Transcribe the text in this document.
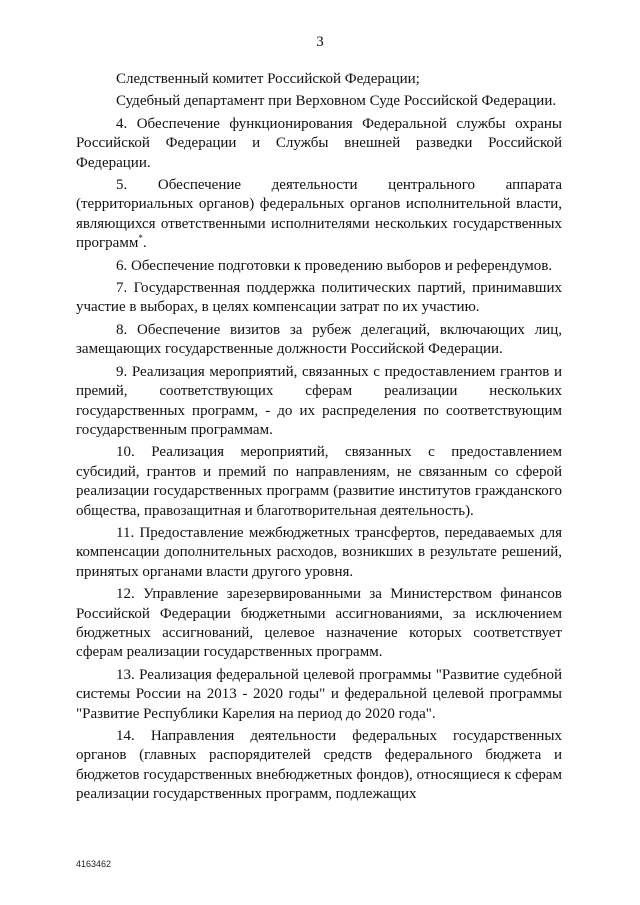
3

Следственный комитет Российской Федерации;

Судебный департамент при Верховном Суде Российской Федерации.

4. Обеспечение функционирования Федеральной службы охраны Российской Федерации и Службы внешней разведки Российской Федерации.

5. Обеспечение деятельности центрального аппарата (территориальных органов) федеральных органов исполнительной власти, являющихся ответственными исполнителями нескольких государственных программ*.

6. Обеспечение подготовки к проведению выборов и референдумов.

7. Государственная поддержка политических партий, принимавших участие в выборах, в целях компенсации затрат по их участию.

8. Обеспечение визитов за рубеж делегаций, включающих лиц, замещающих государственные должности Российской Федерации.

9. Реализация мероприятий, связанных с предоставлением грантов и премий, соответствующих сферам реализации нескольких государственных программ, - до их распределения по соответствующим государственным программам.

10. Реализация мероприятий, связанных с предоставлением субсидий, грантов и премий по направлениям, не связанным со сферой реализации государственных программ (развитие институтов гражданского общества, правозащитная и благотворительная деятельность).

11. Предоставление межбюджетных трансфертов, передаваемых для компенсации дополнительных расходов, возникших в результате решений, принятых органами власти другого уровня.

12. Управление зарезервированными за Министерством финансов Российской Федерации бюджетными ассигнованиями, за исключением бюджетных ассигнований, целевое назначение которых соответствует сферам реализации государственных программ.

13. Реализация федеральной целевой программы "Развитие судебной системы России на 2013 - 2020 годы" и федеральной целевой программы "Развитие Республики Карелия на период до 2020 года".

14. Направления деятельности федеральных государственных органов (главных распорядителей средств федерального бюджета и бюджетов государственных внебюджетных фондов), относящиеся к сферам реализации государственных программ, подлежащих

4163462
